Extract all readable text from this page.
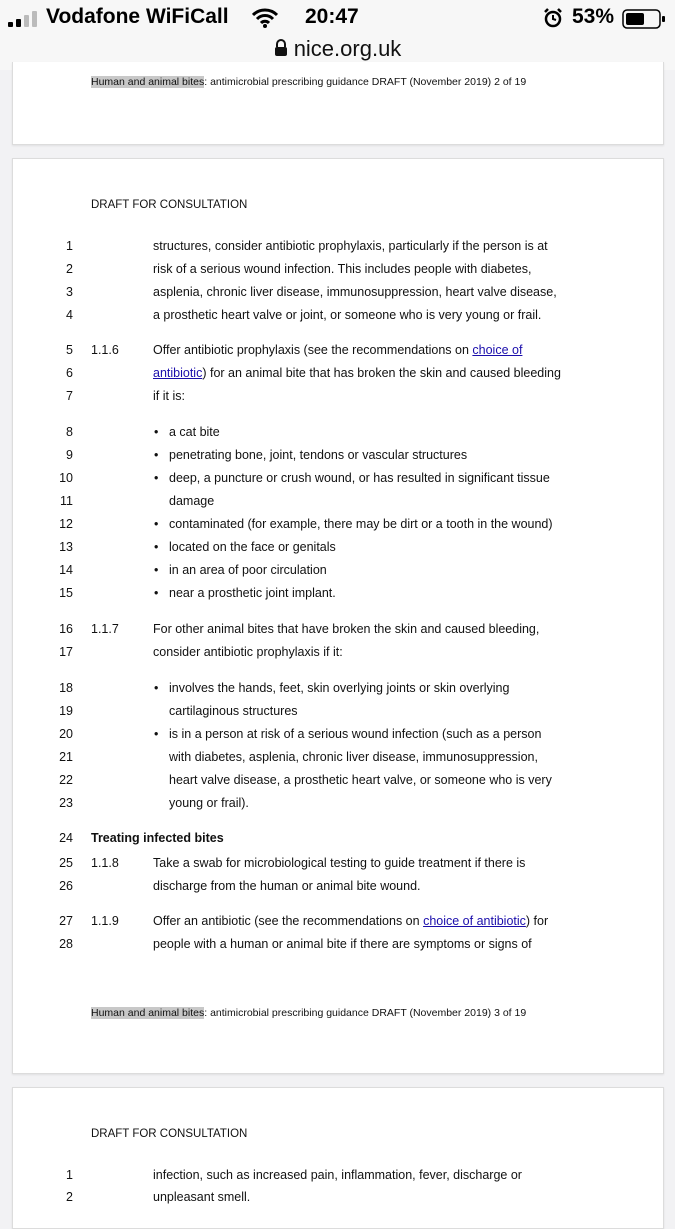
Vodafone WiFiCall	20:47	53%
nice.org.uk
Human and animal bites: antimicrobial prescribing guidance DRAFT (November 2019) 2 of 19
DRAFT FOR CONSULTATION
1	structures, consider antibiotic prophylaxis, particularly if the person is at
2	risk of a serious wound infection. This includes people with diabetes,
3	asplenia, chronic liver disease, immunosuppression, heart valve disease,
4	a prosthetic heart valve or joint, or someone who is very young or frail.
5 1.1.6	Offer antibiotic prophylaxis (see the recommendations on choice of
6	antibiotic) for an animal bite that has broken the skin and caused bleeding
7	if it is:
8	• a cat bite
9	• penetrating bone, joint, tendons or vascular structures
10	• deep, a puncture or crush wound, or has resulted in significant tissue
11	damage
12	• contaminated (for example, there may be dirt or a tooth in the wound)
13	• located on the face or genitals
14	• in an area of poor circulation
15	• near a prosthetic joint implant.
16 1.1.7	For other animal bites that have broken the skin and caused bleeding,
17	consider antibiotic prophylaxis if it:
18	• involves the hands, feet, skin overlying joints or skin overlying
19	cartilaginous structures
20	• is in a person at risk of a serious wound infection (such as a person
21	with diabetes, asplenia, chronic liver disease, immunosuppression,
22	heart valve disease, a prosthetic heart valve, or someone who is very
23	young or frail).
24 Treating infected bites
25 1.1.8	Take a swab for microbiological testing to guide treatment if there is
26	discharge from the human or animal bite wound.
27 1.1.9	Offer an antibiotic (see the recommendations on choice of antibiotic) for
28	people with a human or animal bite if there are symptoms or signs of
Human and animal bites: antimicrobial prescribing guidance DRAFT (November 2019) 3 of 19
DRAFT FOR CONSULTATION
1	infection, such as increased pain, inflammation, fever, discharge or
2	unpleasant smell.
